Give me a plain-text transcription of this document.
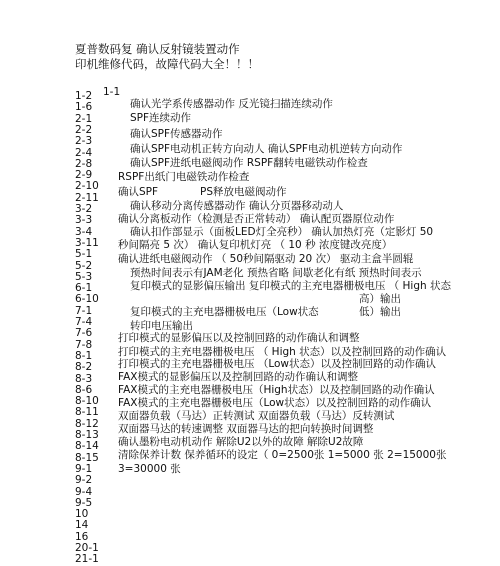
夏普数码复 确认反射镜装置动作
印机维修代码，故障代码大全！！！
1-2
1-6
2-1
2-2
2-3
2-4
2-8
2-9
2-10
2-11
3-2
3-3
3-4
3-11
5-1
5-2
5-3
6-1
6-10
7-1
7-4
7-6
7-8
8-1
8-2
8-3
8-6
8-10
8-11
8-12
8-13
8-14
8-15
9-1
9-2
9-4
9-5
10
14
16
20-1
21-1
1-1
确认光学系传感器动作 反光镜扫描连续动作
SPF连续动作
确认SPF传感器动作
确认SPF电动机正转方向动人 确认SPF电动机逆转方向动作
确认SPF进纸电磁阀动作 RSPF翻转电磁铁动作检查
RSPF出纸门电磁铁动作检查
确认SPF	PS释放电磁阀动作
确认移动分离传感器动作 确认分页器移动动人
确认分离板动作（检测是否正常转动） 确认配页器原位动作
确认扣作部显示（面板LED灯全亮秒） 确认加热灯亮（定影灯 50
秒间隔亮 5 次） 确认复印机灯亮 （ 10 秒 浓度键改亮度）
确认进纸电磁阀动作 （ 50秒间隔驱动 20 次） 驱动主盒半圆辊
预热时间表示有JAM老化 预热省略 间歇老化有纸 预热时间表示
复印模式的显影偏压输出 复印模式的主充电器栅极电压 （ High 状态
高）输出
复印模式的主充电器栅极电压（Low状态	低）输出
转印电压输出
打印模式的显影偏压以及控制回路的动作确认和调整
打印模式的主充电器栅极电压 （ High 状态）以及控制回路的动作确认
打印模式的主充电器栅极电压 （Low状态）以及控制回路的动作确认
FAX模式的显影偏压以及控制回路的动作确认和调整
FAX模式的主充电器栅极电压（High状态）以及控制回路的动作确认
FAX模式的主充电器栅极电压（Low状态）以及控制回路的动作确认
双面器负载（马达）正转测试 双面器负载（马达）反转测试
双面器马达的转速调整 双面器马达的把向转换时间调整
确认墨粉电动机动作 解除U2以外的故障 解除U2故障
清除保养计数 保养循环的设定（ 0=2500张 1=5000 张 2=15000张
3=30000 张
